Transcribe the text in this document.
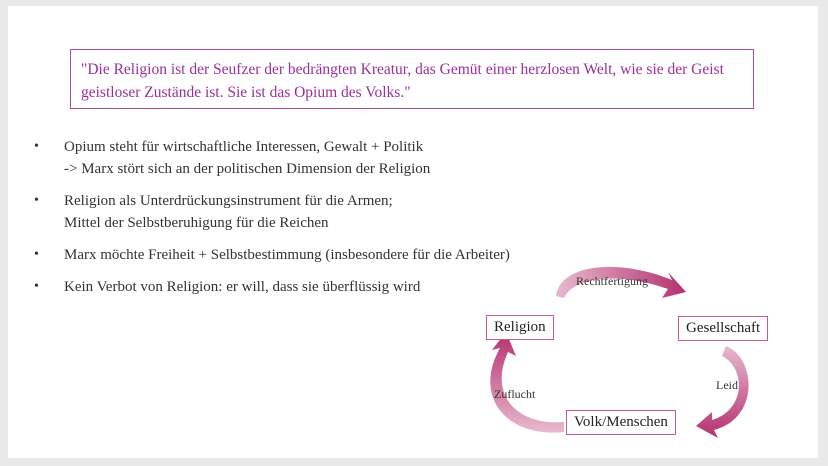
"Die Religion ist der Seufzer der bedrängten Kreatur, das Gemüt einer herzlosen Welt, wie sie der Geist geistloser Zustände ist. Sie ist das Opium des Volks."
• Opium steht für wirtschaftliche Interessen, Gewalt + Politik
-> Marx stört sich an der politischen Dimension der Religion
• Religion als Unterdrückungsinstrument für die Armen;
Mittel der Selbstberuhigung für die Reichen
• Marx möchte Freiheit + Selbstbestimmung (insbesondere für die Arbeiter)
• Kein Verbot von Religion: er will, dass sie überflüssig wird
Religion	Gesellschaft
Volk/Menschen
Rechtfertigung
Leid
Zuflucht
